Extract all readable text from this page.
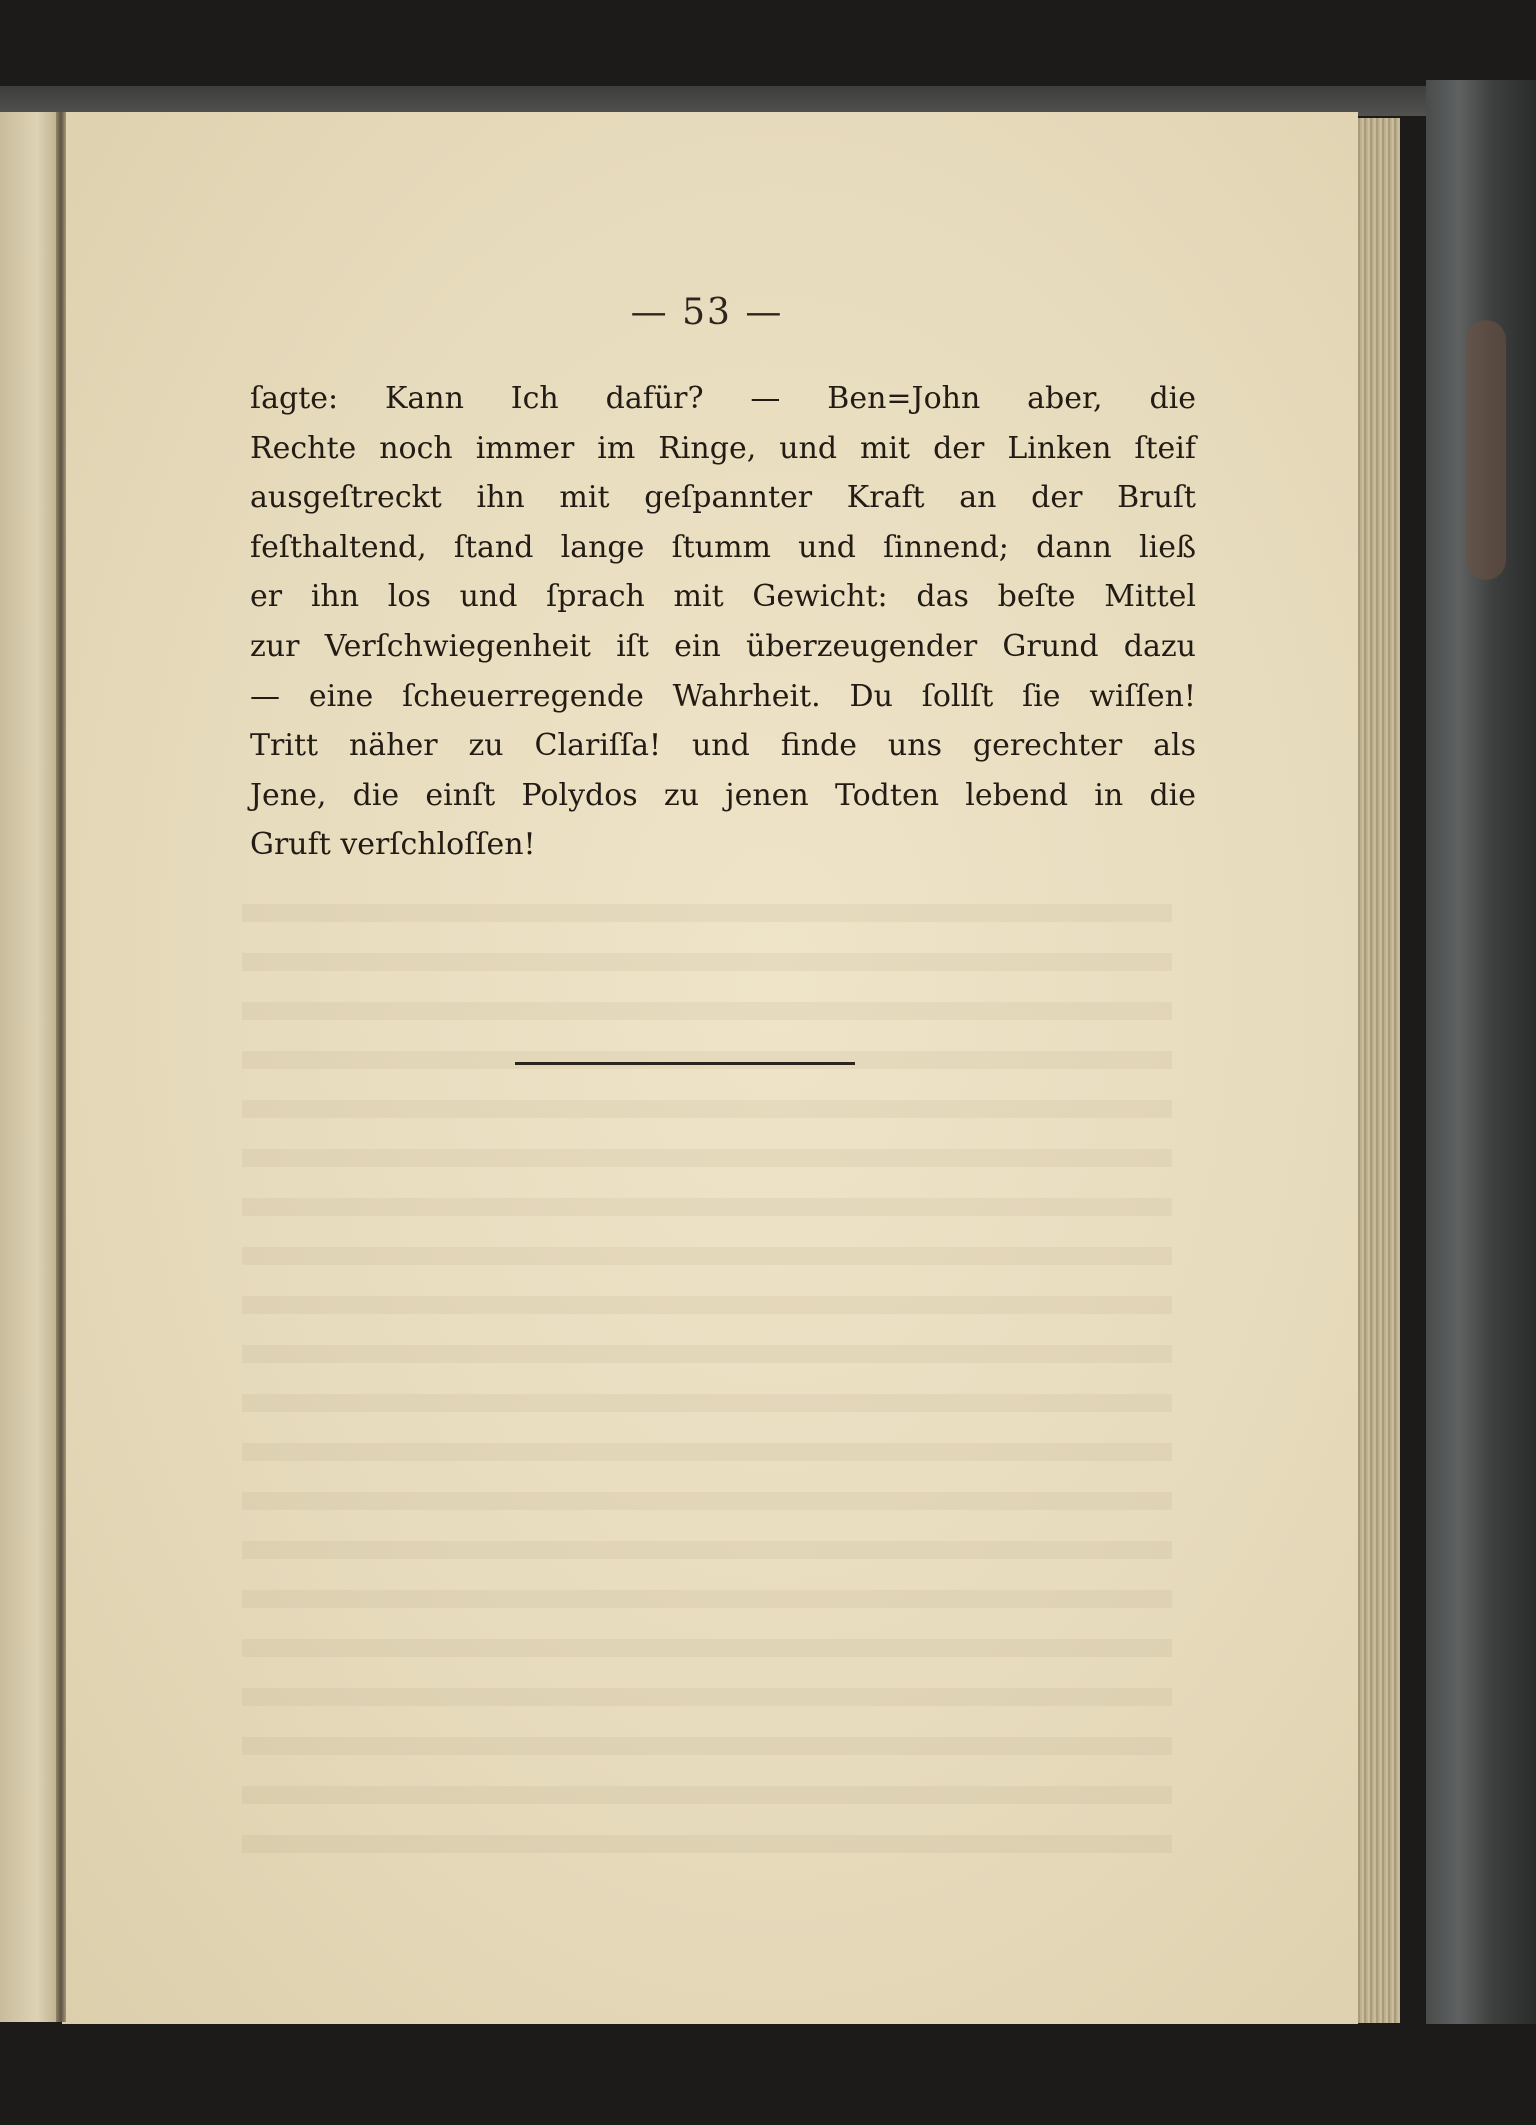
— 53 —
ſagte: Kann Ich dafür? — Ben=John aber, die
Rechte noch immer im Ringe, und mit der Linken ſteif
ausgeſtreckt ihn mit geſpannter Kraft an der Bruſt
feſthaltend, ſtand lange ſtumm und ſinnend; dann ließ
er ihn los und ſprach mit Gewicht: das beſte Mittel
zur Verſchwiegenheit iſt ein überzeugender Grund dazu
— eine ſcheuerregende Wahrheit. Du ſollſt ſie wiſſen!
Tritt näher zu Clariſſa! und finde uns gerechter als
Jene, die einſt Polydos zu jenen Todten lebend in die
Gruft verſchloſſen!
